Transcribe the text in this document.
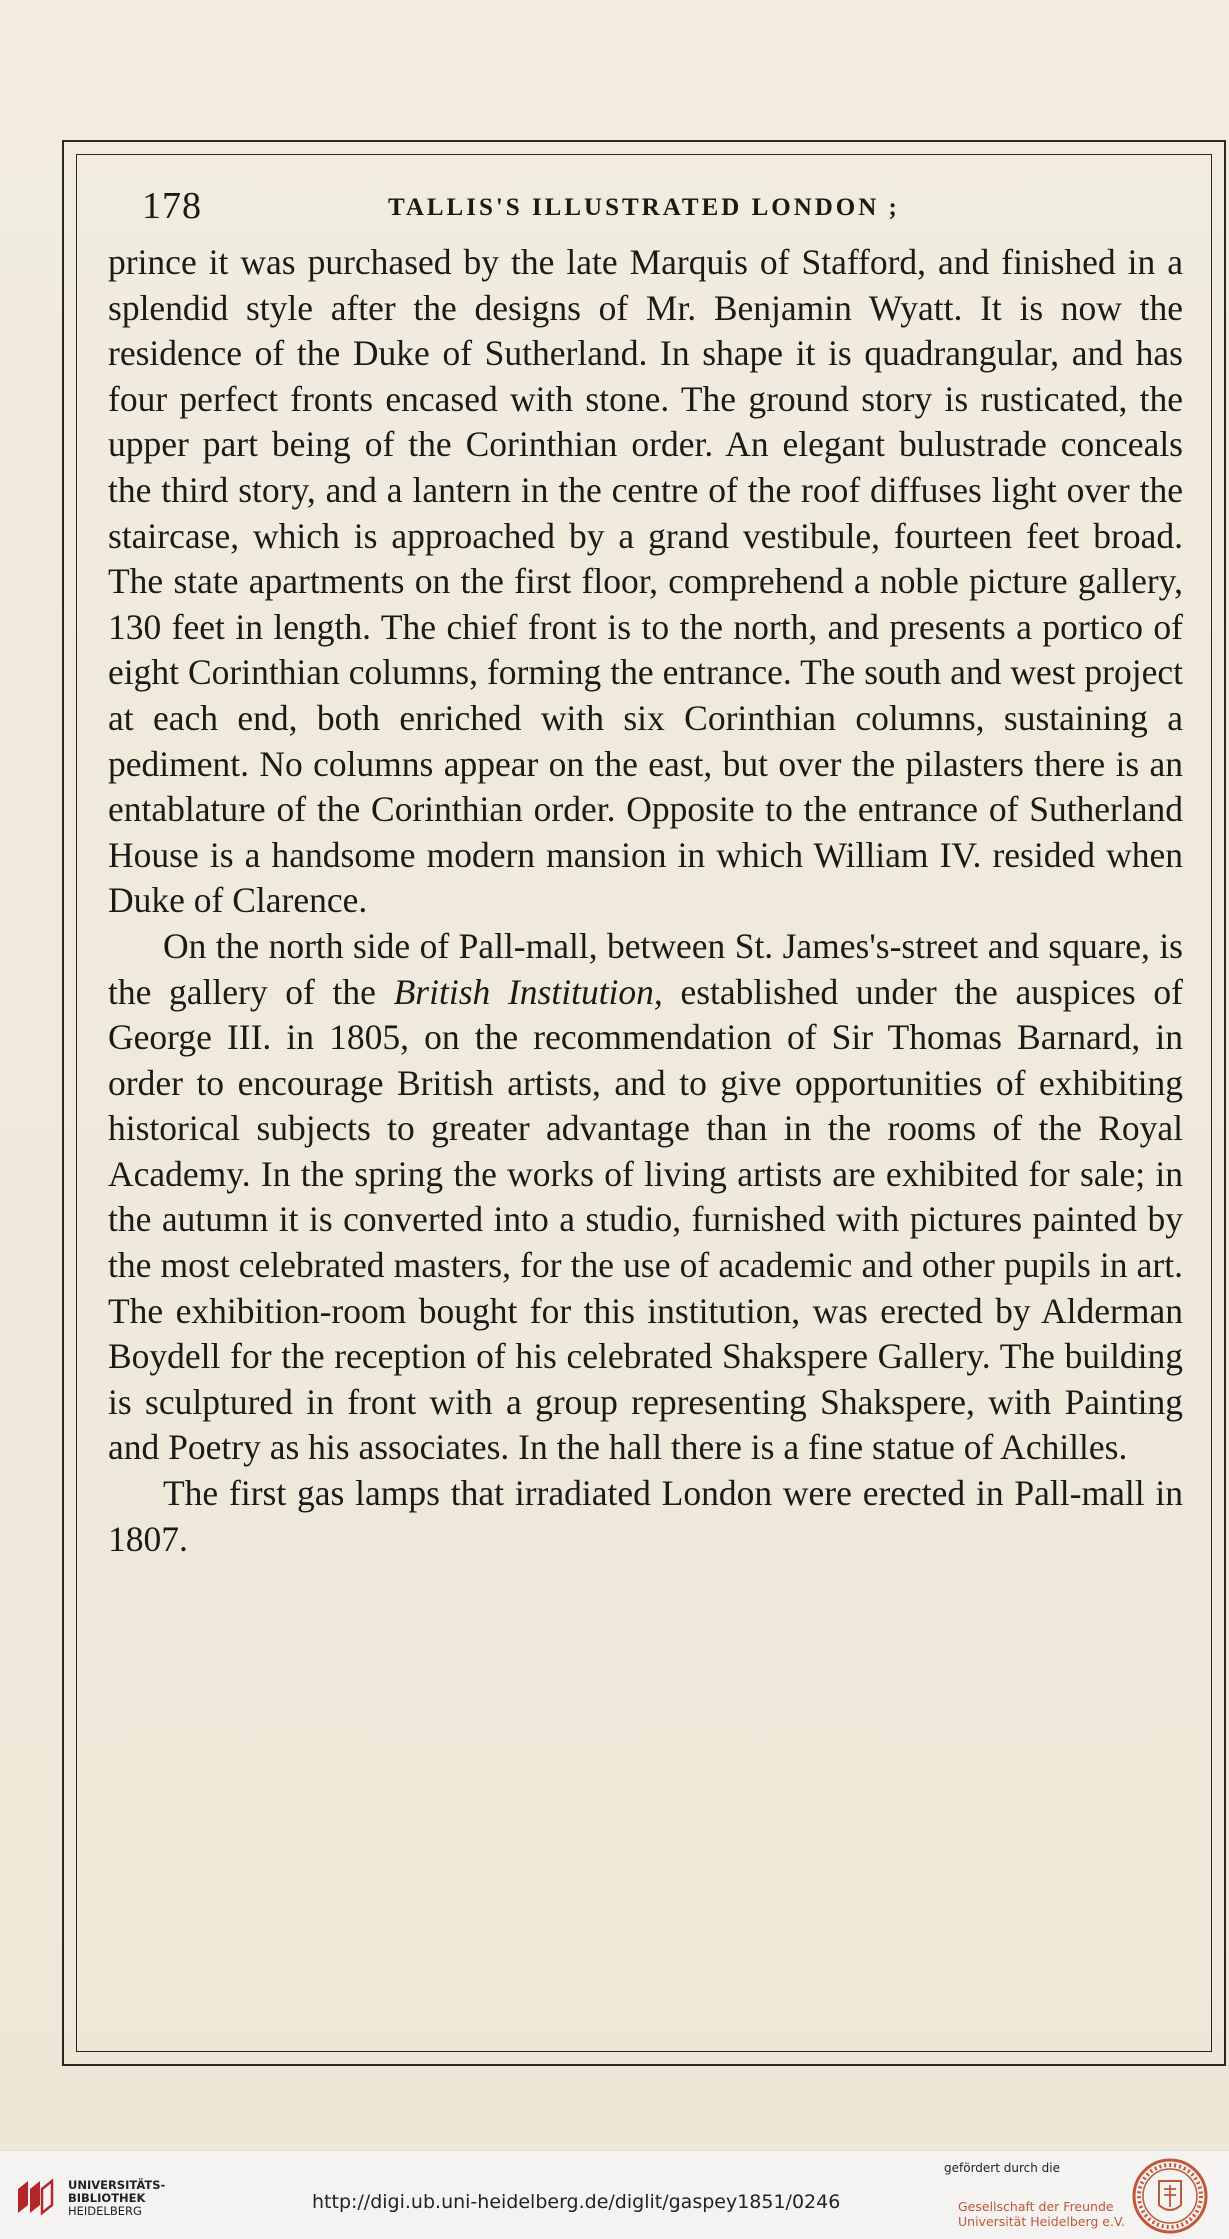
178	TALLIS'S ILLUSTRATED LONDON ;

prince it was purchased by the late Marquis of Stafford, and finished in a splendid style after the designs of Mr. Benjamin Wyatt. It is now the residence of the Duke of Sutherland. In shape it is quadrangular, and has four perfect fronts encased with stone. The ground story is rusticated, the upper part being of the Corinthian order. An elegant bulustrade conceals the third story, and a lantern in the centre of the roof diffuses light over the staircase, which is approached by a grand vestibule, fourteen feet broad. The state apartments on the first floor, comprehend a noble picture gallery, 130 feet in length. The chief front is to the north, and presents a portico of eight Corinthian columns, forming the entrance. The south and west project at each end, both enriched with six Corinthian columns, sustaining a pediment. No columns appear on the east, but over the pilasters there is an entablature of the Corinthian order. Opposite to the entrance of Sutherland House is a handsome modern mansion in which William IV. resided when Duke of Clarence.

On the north side of Pall-mall, between St. James's-street and square, is the gallery of the British Institution, established under the auspices of George III. in 1805, on the recommendation of Sir Thomas Barnard, in order to encourage British artists, and to give opportunities of exhibiting historical subjects to greater advantage than in the rooms of the Royal Academy. In the spring the works of living artists are exhibited for sale; in the autumn it is converted into a studio, furnished with pictures painted by the most celebrated masters, for the use of academic and other pupils in art. The exhibition-room bought for this institution, was erected by Alderman Boydell for the reception of his celebrated Shakspere Gallery. The building is sculptured in front with a group representing Shakspere, with Painting and Poetry as his associates. In the hall there is a fine statue of Achilles.

The first gas lamps that irradiated London were erected in Pall-mall in 1807.

UNIVERSITÄTS-
BIBLIOTHEK
HEIDELBERG	http://digi.ub.uni-heidelberg.de/diglit/gaspey1851/0246
gefördert durch die
Gesellschaft der Freunde
Universität Heidelberg e.V.
